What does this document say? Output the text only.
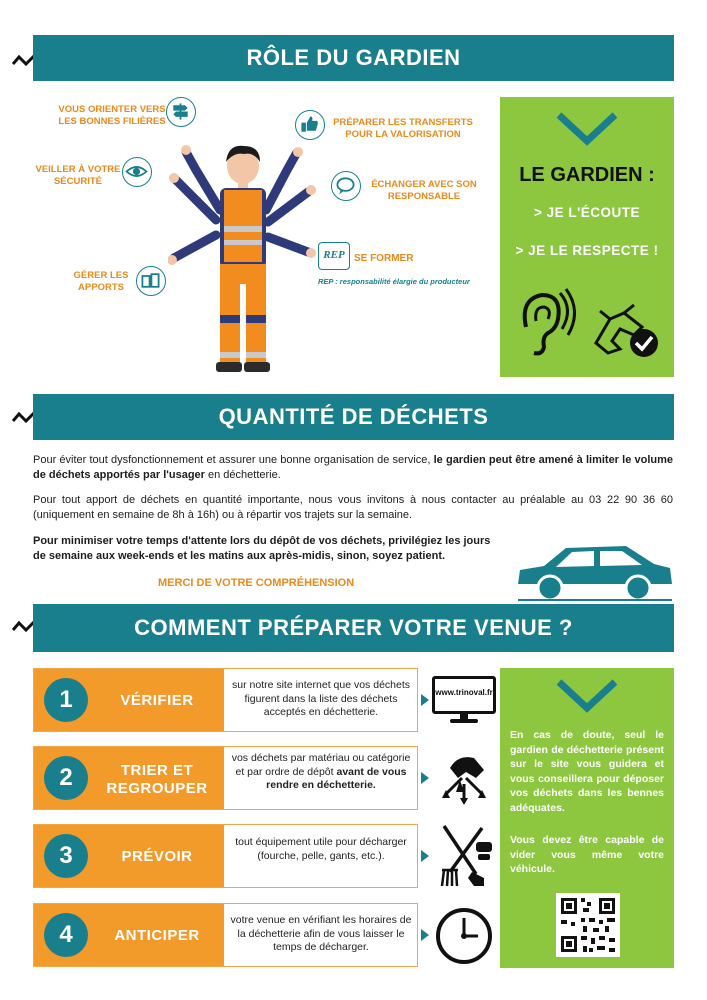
RÔLE DU GARDIEN
VOUS ORIENTER VERS LES BONNES FILIÈRES
VEILLER À VOTRE SÉCURITÉ
GÉRER LES APPORTS
PRÉPARER LES TRANSFERTS POUR LA VALORISATION
ÉCHANGER AVEC SON RESPONSABLE
SE FORMER
REP : responsabilité élargie du producteur
REP
LE GARDIEN :
> JE L'ÉCOUTE
> JE LE RESPECTE !
QUANTITÉ DE DÉCHETS
Pour éviter tout dysfonctionnement et assurer une bonne organisation de service, le gardien peut être amené à limiter le volume de déchets apportés par l'usager en déchetterie.
Pour tout apport de déchets en quantité importante, nous vous invitons à nous contacter au préalable au 03 22 90 36 60 (uniquement en semaine de 8h à 16h) ou à répartir vos trajets sur la semaine.
Pour minimiser votre temps d'attente lors du dépôt de vos déchets, privilégiez les jours de semaine aux week-ends et les matins aux après-midis, sinon, soyez patient.
MERCI DE VOTRE COMPRÉHENSION
COMMENT PRÉPARER VOTRE VENUE ?
1	VÉRIFIER
sur notre site internet que vos déchets figurent dans la liste des déchets acceptés en déchetterie.
www.trinoval.fr
2	TRIER ET
REGROUPER
vos déchets par matériau ou catégorie et par ordre de dépôt avant de vous rendre en déchetterie.
3	PRÉVOIR
tout équipement utile pour décharger (fourche, pelle, gants, etc.).
4	ANTICIPER
votre venue en vérifiant les horaires de la déchetterie afin de vous laisser le temps de décharger.
En cas de doute, seul le gardien de déchetterie présent sur le site vous guidera et vous conseillera pour déposer vos déchets dans les bennes adéquates.
Vous devez être capable de vider vous même votre véhicule.
